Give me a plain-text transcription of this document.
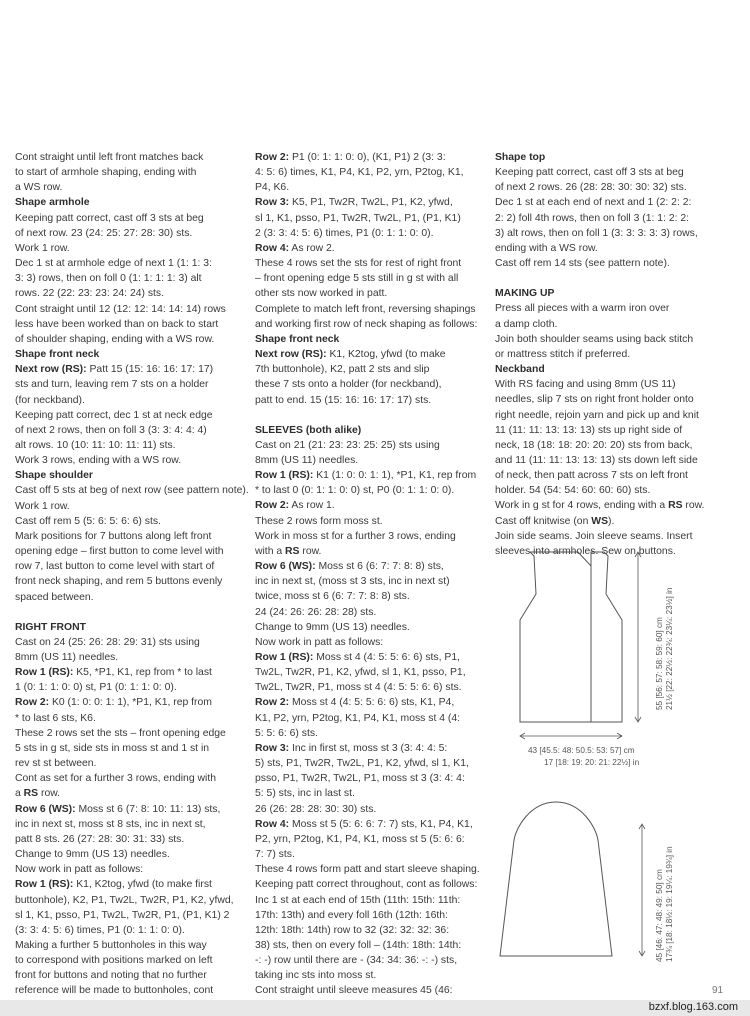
Cont straight until left front matches back
to start of armhole shaping, ending with
a WS row.
Shape armhole
Keeping patt correct, cast off 3 sts at beg
of next row. 23 (24: 25: 27: 28: 30) sts.
Work 1 row.
Dec 1 st at armhole edge of next 1 (1: 1: 3:
3: 3) rows, then on foll 0 (1: 1: 1: 1: 3) alt
rows. 22 (22: 23: 23: 24: 24) sts.
Cont straight until 12 (12: 12: 14: 14: 14) rows
less have been worked than on back to start
of shoulder shaping, ending with a WS row.
Shape front neck
Next row (RS): Patt 15 (15: 16: 16: 17: 17)
sts and turn, leaving rem 7 sts on a holder
(for neckband).
Keeping patt correct, dec 1 st at neck edge
of next 2 rows, then on foll 3 (3: 3: 4: 4: 4)
alt rows. 10 (10: 11: 10: 11: 11) sts.
Work 3 rows, ending with a WS row.
Shape shoulder
Cast off 5 sts at beg of next row (see pattern note).
Work 1 row.
Cast off rem 5 (5: 6: 5: 6: 6) sts.
Mark positions for 7 buttons along left front
opening edge – first button to come level with
row 7, last button to come level with start of
front neck shaping, and rem 5 buttons evenly
spaced between.
RIGHT FRONT
Cast on 24 (25: 26: 28: 29: 31) sts using
8mm (US 11) needles.
Row 1 (RS): K5, *P1, K1, rep from * to last
1 (0: 1: 1: 0: 0) st, P1 (0: 1: 1: 0: 0).
Row 2: K0 (1: 0: 0: 1: 1), *P1, K1, rep from
* to last 6 sts, K6.
These 2 rows set the sts – front opening edge
5 sts in g st, side sts in moss st and 1 st in
rev st st between.
Cont as set for a further 3 rows, ending with
a RS row.
Row 6 (WS): Moss st 6 (7: 8: 10: 11: 13) sts,
inc in next st, moss st 8 sts, inc in next st,
patt 8 sts. 26 (27: 28: 30: 31: 33) sts.
Change to 9mm (US 13) needles.
Now work in patt as follows:
Row 1 (RS): K1, K2tog, yfwd (to make first
buttonhole), K2, P1, Tw2L, Tw2R, P1, K2, yfwd,
sl 1, K1, psso, P1, Tw2L, Tw2R, P1, (P1, K1) 2
(3: 3: 4: 5: 6) times, P1 (0: 1: 1: 0: 0).
Making a further 5 buttonholes in this way
to correspond with positions marked on left
front for buttons and noting that no further
reference will be made to buttonholes, cont
Row 2: P1 (0: 1: 1: 0: 0), (K1, P1) 2 (3: 3:
4: 5: 6) times, K1, P4, K1, P2, yrn, P2tog, K1,
P4, K6.
Row 3: K5, P1, Tw2R, Tw2L, P1, K2, yfwd,
sl 1, K1, psso, P1, Tw2R, Tw2L, P1, (P1, K1)
2 (3: 3: 4: 5: 6) times, P1 (0: 1: 1: 0: 0).
Row 4: As row 2.
These 4 rows set the sts for rest of right front
– front opening edge 5 sts still in g st with all
other sts now worked in patt.
Complete to match left front, reversing shapings
and working first row of neck shaping as follows:
Shape front neck
Next row (RS): K1, K2tog, yfwd (to make
7th buttonhole), K2, patt 2 sts and slip
these 7 sts onto a holder (for neckband),
patt to end. 15 (15: 16: 16: 17: 17) sts.
SLEEVES (both alike)
Cast on 21 (21: 23: 23: 25: 25) sts using
8mm (US 11) needles.
Row 1 (RS): K1 (1: 0: 0: 1: 1), *P1, K1, rep from
* to last 0 (0: 1: 1: 0: 0) st, P0 (0: 1: 1: 0: 0).
Row 2: As row 1.
These 2 rows form moss st.
Work in moss st for a further 3 rows, ending
with a RS row.
Row 6 (WS): Moss st 6 (6: 7: 7: 8: 8) sts,
inc in next st, (moss st 3 sts, inc in next st)
twice, moss st 6 (6: 7: 7: 8: 8) sts.
24 (24: 26: 26: 28: 28) sts.
Change to 9mm (US 13) needles.
Now work in patt as follows:
Row 1 (RS): Moss st 4 (4: 5: 5: 6: 6) sts, P1,
Tw2L, Tw2R, P1, K2, yfwd, sl 1, K1, psso, P1,
Tw2L, Tw2R, P1, moss st 4 (4: 5: 5: 6: 6) sts.
Row 2: Moss st 4 (4: 5: 5: 6: 6) sts, K1, P4,
K1, P2, yrn, P2tog, K1, P4, K1, moss st 4 (4:
5: 5: 6: 6) sts.
Row 3: Inc in first st, moss st 3 (3: 4: 4: 5:
5) sts, P1, Tw2R, Tw2L, P1, K2, yfwd, sl 1, K1,
psso, P1, Tw2R, Tw2L, P1, moss st 3 (3: 4: 4:
5: 5) sts, inc in last st.
26 (26: 28: 28: 30: 30) sts.
Row 4: Moss st 5 (5: 6: 6: 7: 7) sts, K1, P4, K1,
P2, yrn, P2tog, K1, P4, K1, moss st 5 (5: 6: 6:
7: 7) sts.
These 4 rows form patt and start sleeve shaping.
Keeping patt correct throughout, cont as follows:
Inc 1 st at each end of 15th (11th: 15th: 11th:
17th: 13th) and every foll 16th (12th: 16th:
12th: 18th: 14th) row to 32 (32: 32: 32: 36:
38) sts, then on every foll – (14th: 18th: 14th:
-: -) row until there are - (34: 34: 36: -: -) sts,
taking inc sts into moss st.
Cont straight until sleeve measures 45 (46:
Shape top
Keeping patt correct, cast off 3 sts at beg
of next 2 rows. 26 (28: 28: 30: 30: 32) sts.
Dec 1 st at each end of next and 1 (2: 2: 2:
2: 2) foll 4th rows, then on foll 3 (1: 1: 2: 2:
3) alt rows, then on foll 1 (3: 3: 3: 3: 3) rows,
ending with a WS row.
Cast off rem 14 sts (see pattern note).
MAKING UP
Press all pieces with a warm iron over
a damp cloth.
Join both shoulder seams using back stitch
or mattress stitch if preferred.
Neckband
With RS facing and using 8mm (US 11)
needles, slip 7 sts on right front holder onto
right needle, rejoin yarn and pick up and knit
11 (11: 11: 13: 13: 13) sts up right side of
neck, 18 (18: 18: 20: 20: 20) sts from back,
and 11 (11: 11: 13: 13: 13) sts down left side
of neck, then patt across 7 sts on left front
holder. 54 (54: 54: 60: 60: 60) sts.
Work in g st for 4 rows, ending with a RS row.
Cast off knitwise (on WS).
Join side seams. Join sleeve seams. Insert
sleeves into armholes. Sew on buttons.
55 [56: 57: 58: 59: 60] cm 21½ [22: 22½: 22¾: 23¼: 23½] in
43 [45.5: 48: 50.5: 53: 57] cm
17 [18: 19: 20: 21: 22½] in
45 [46: 47: 48: 49: 50] cm 17¾ [18: 18½: 19: 19¼: 19¾] in
91
bzxf.blog.163.com
